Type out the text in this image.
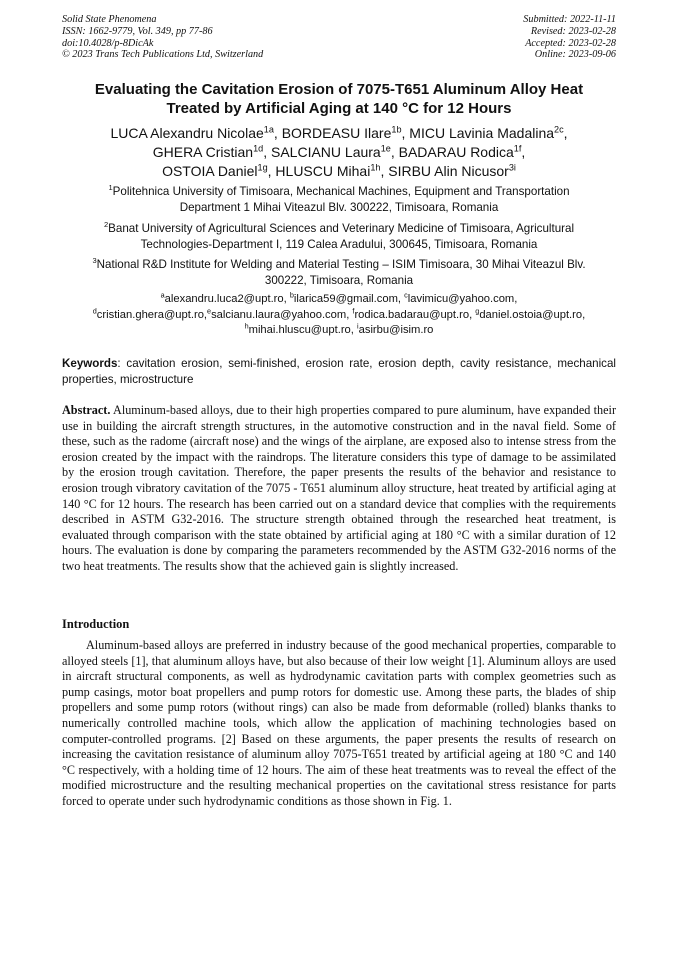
Solid State Phenomena
ISSN: 1662-9779, Vol. 349, pp 77-86
doi:10.4028/p-8DicAk
© 2023 Trans Tech Publications Ltd, Switzerland
Submitted: 2022-11-11
Revised: 2023-02-28
Accepted: 2023-02-28
Online: 2023-09-06
Evaluating the Cavitation Erosion of 7075-T651 Aluminum Alloy Heat
Treated by Artificial Aging at 140 °C for 12 Hours
LUCA Alexandru Nicolae$^{1a}$, BORDEASU Ilare$^{1b}$, MICU Lavinia Madalina$^{2c}$,
GHERA Cristian$^{1d}$, SALCIANU Laura$^{1e}$, BADARAU Rodica$^{1f}$,
OSTOIA Daniel$^{1g}$, HLUSCU Mihai$^{1h}$, SIRBU Alin Nicusor$^{3i}$
$^1$Politehnica University of Timisoara, Mechanical Machines, Equipment and Transportation
Department 1 Mihai Viteazul Blv. 300222, Timisoara, Romania
$^2$Banat University of Agricultural Sciences and Veterinary Medicine of Timisoara, Agricultural
Technologies-Department I, 119 Calea Aradului, 300645, Timisoara, Romania
$^3$National R&D Institute for Welding and Material Testing – ISIM Timisoara, 30 Mihai Viteazul Blv.
300222, Timisoara, Romania
$^a$alexandru.luca2@upt.ro, $^b$ilarica59@gmail.com, $^c$lavimicu@yahoo.com,
$^d$cristian.ghera@upt.ro,$^e$salcianu.laura@yahoo.com, $^f$rodica.badarau@upt.ro, $^g$daniel.ostoia@upt.ro,
$^h$mihai.hluscu@upt.ro, $^i$asirbu@isim.ro
Keywords: cavitation erosion, semi-finished, erosion rate, erosion depth, cavity resistance, mechanical properties, microstructure
Abstract. Aluminum-based alloys, due to their high properties compared to pure aluminum, have expanded their use in building the aircraft strength structures, in the automotive construction and in the naval field. Some of these, such as the radome (aircraft nose) and the wings of the airplane, are exposed also to intense stress from the erosion created by the impact with the raindrops. The literature considers this type of damage to be assimilated by the erosion trough cavitation. Therefore, the paper presents the results of the behavior and resistance to erosion trough vibratory cavitation of the 7075 - T651 aluminum alloy structure, heat treated by artificial aging at 140 °C for 12 hours. The research has been carried out on a standard device that complies with the requirements described in ASTM G32-2016. The structure strength obtained through the researched heat treatment, is evaluated through comparison with the state obtained by artificial aging at 180 °C with a similar duration of 12 hours. The evaluation is done by comparing the parameters recommended by the ASTM G32-2016 norms of the two heat treatments. The results show that the achieved gain is slightly increased.
Introduction
Aluminum-based alloys are preferred in industry because of the good mechanical properties, comparable to alloyed steels [1], that aluminum alloys have, but also because of their low weight [1]. Aluminum alloys are used in aircraft structural components, as well as hydrodynamic cavitation parts with complex geometries such as pump casings, motor boat propellers and pump rotors for domestic use. Among these parts, the blades of ship propellers and some pump rotors (without rings) can also be made from deformable (rolled) blanks thanks to numerically controlled machine tools, which allow the application of machining technologies based on computer-controlled programs. [2] Based on these arguments, the paper presents the results of research on increasing the cavitation resistance of aluminum alloy 7075-T651 treated by artificial ageing at 180 °C and 140 °C respectively, with a holding time of 12 hours. The aim of these heat treatments was to reveal the effect of the modified microstructure and the resulting mechanical properties on the cavitational stress resistance for parts forced to operate under such hydrodynamic conditions as those shown in Fig. 1.
